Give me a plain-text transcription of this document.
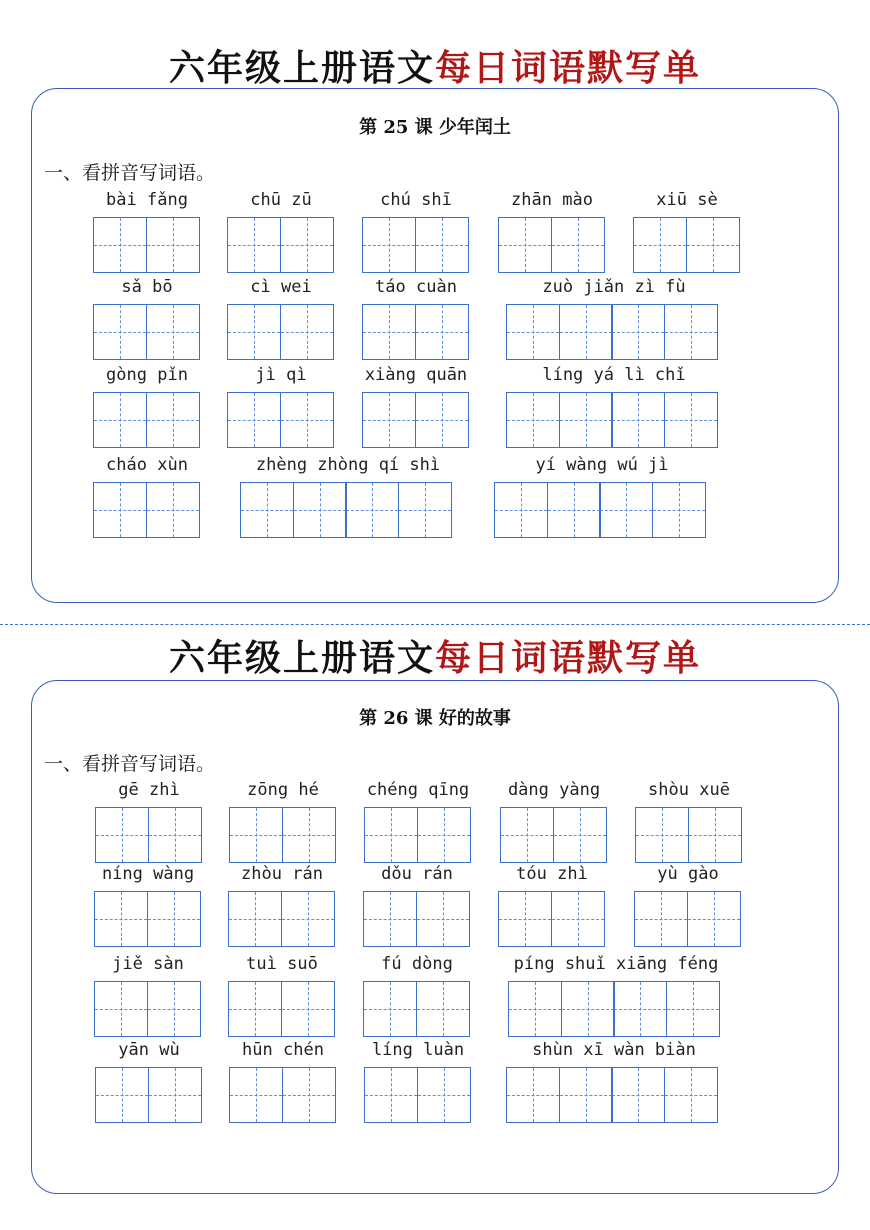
六年级上册语文每日词语默写单
第 25 课 少年闰土
一、看拼音写词语。
bài fǎng	chū zū	chú shī	zhān mào	xiū sè
sǎ bō	cì wei	táo cuàn	zuò jiǎn zì fù
gòng pǐn	jì qì	xiàng quān	líng yá lì chǐ
cháo xùn	zhèng zhòng qí shì	yí wàng wú jì
六年级上册语文每日词语默写单
第 26 课 好的故事
一、看拼音写词语。
gē zhì	zōng hé	chéng qīng	dàng yàng	shòu xuē
níng wàng	zhòu rán	dǒu rán	tóu zhì	yù gào
jiě sàn	tuì suō	fú dòng	píng shuǐ xiāng féng
yān wù	hūn chén	líng luàn	shùn xī wàn biàn
